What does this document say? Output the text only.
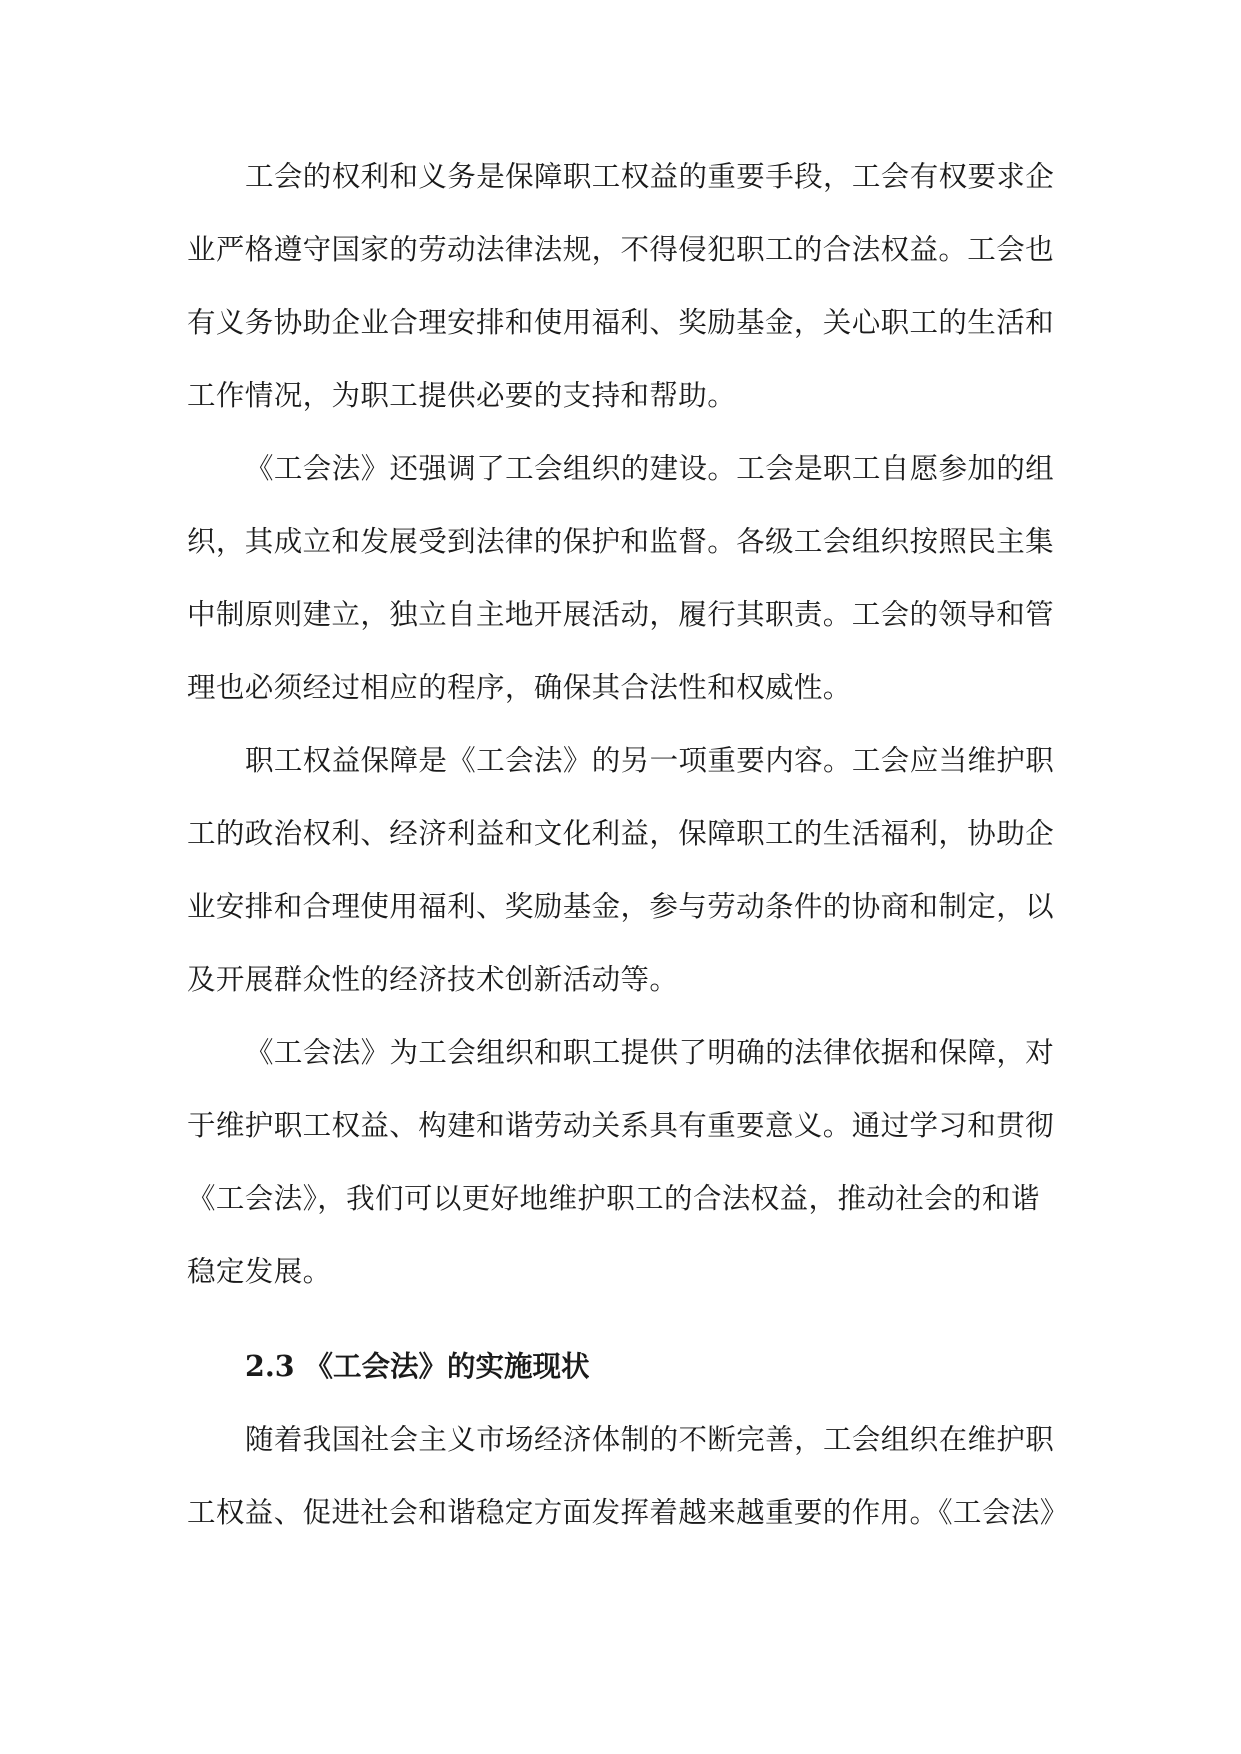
工会的权利和义务是保障职工权益的重要手段，工会有权要求企
业严格遵守国家的劳动法律法规，不得侵犯职工的合法权益。工会也
有义务协助企业合理安排和使用福利、奖励基金，关心职工的生活和
工作情况，为职工提供必要的支持和帮助。
《工会法》还强调了工会组织的建设。工会是职工自愿参加的组
织，其成立和发展受到法律的保护和监督。各级工会组织按照民主集
中制原则建立，独立自主地开展活动，履行其职责。工会的领导和管
理也必须经过相应的程序，确保其合法性和权威性。
职工权益保障是《工会法》的另一项重要内容。工会应当维护职
工的政治权利、经济利益和文化利益，保障职工的生活福利，协助企
业安排和合理使用福利、奖励基金，参与劳动条件的协商和制定，以
及开展群众性的经济技术创新活动等。
《工会法》为工会组织和职工提供了明确的法律依据和保障，对
于维护职工权益、构建和谐劳动关系具有重要意义。通过学习和贯彻
《工会法》，我们可以更好地维护职工的合法权益，推动社会的和谐
稳定发展。
2.3 《工会法》的实施现状
随着我国社会主义市场经济体制的不断完善，工会组织在维护职
工权益、促进社会和谐稳定方面发挥着越来越重要的作用。《工会法》
